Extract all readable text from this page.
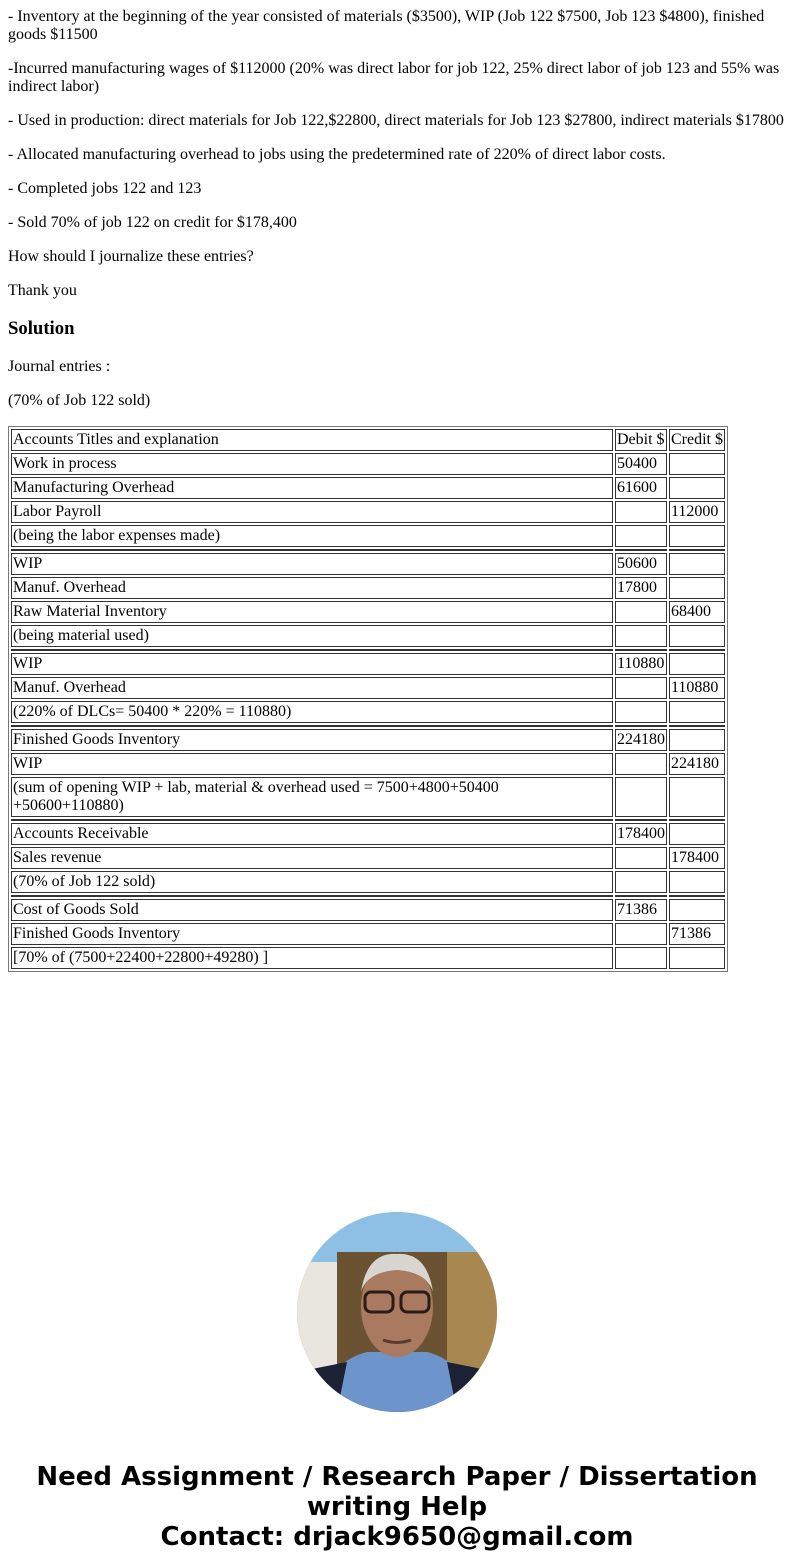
- Inventory at the beginning of the year consisted of materials ($3500), WIP (Job 122 $7500, Job 123 $4800), finished goods $11500

-Incurred manufacturing wages of $112000 (20% was direct labor for job 122, 25% direct labor of job 123 and 55% was indirect labor)

- Used in production: direct materials for Job 122,$22800, direct materials for Job 123 $27800, indirect materials $17800

- Allocated manufacturing overhead to jobs using the predetermined rate of 220% of direct labor costs.

- Completed jobs 122 and 123

- Sold 70% of job 122 on credit for $178,400

How should I journalize these entries?

Thank you

Solution

Journal entries :

(70% of Job 122 sold)

Accounts Titles and explanation	Debit $	Credit $
Work in process	50400	
Manufacturing Overhead	61600	
Labor Payroll		112000
(being the labor expenses made)		

WIP	50600	
Manuf. Overhead	17800	
Raw Material Inventory		68400
(being material used)		

WIP	110880	
Manuf. Overhead		110880
(220% of DLCs= 50400 * 220% = 110880)		

Finished Goods Inventory	224180	
WIP		224180
(sum of opening WIP + lab, material & overhead used = 7500+4800+50400 +50600+110880)		

Accounts Receivable	178400	
Sales revenue		178400
(70% of Job 122 sold)		

Cost of Goods Sold	71386	
Finished Goods Inventory		71386
[70% of (7500+22400+22800+49280) ]		
Need Assignment / Research Paper / Dissertation writing Help
Contact: drjack9650@gmail.com
